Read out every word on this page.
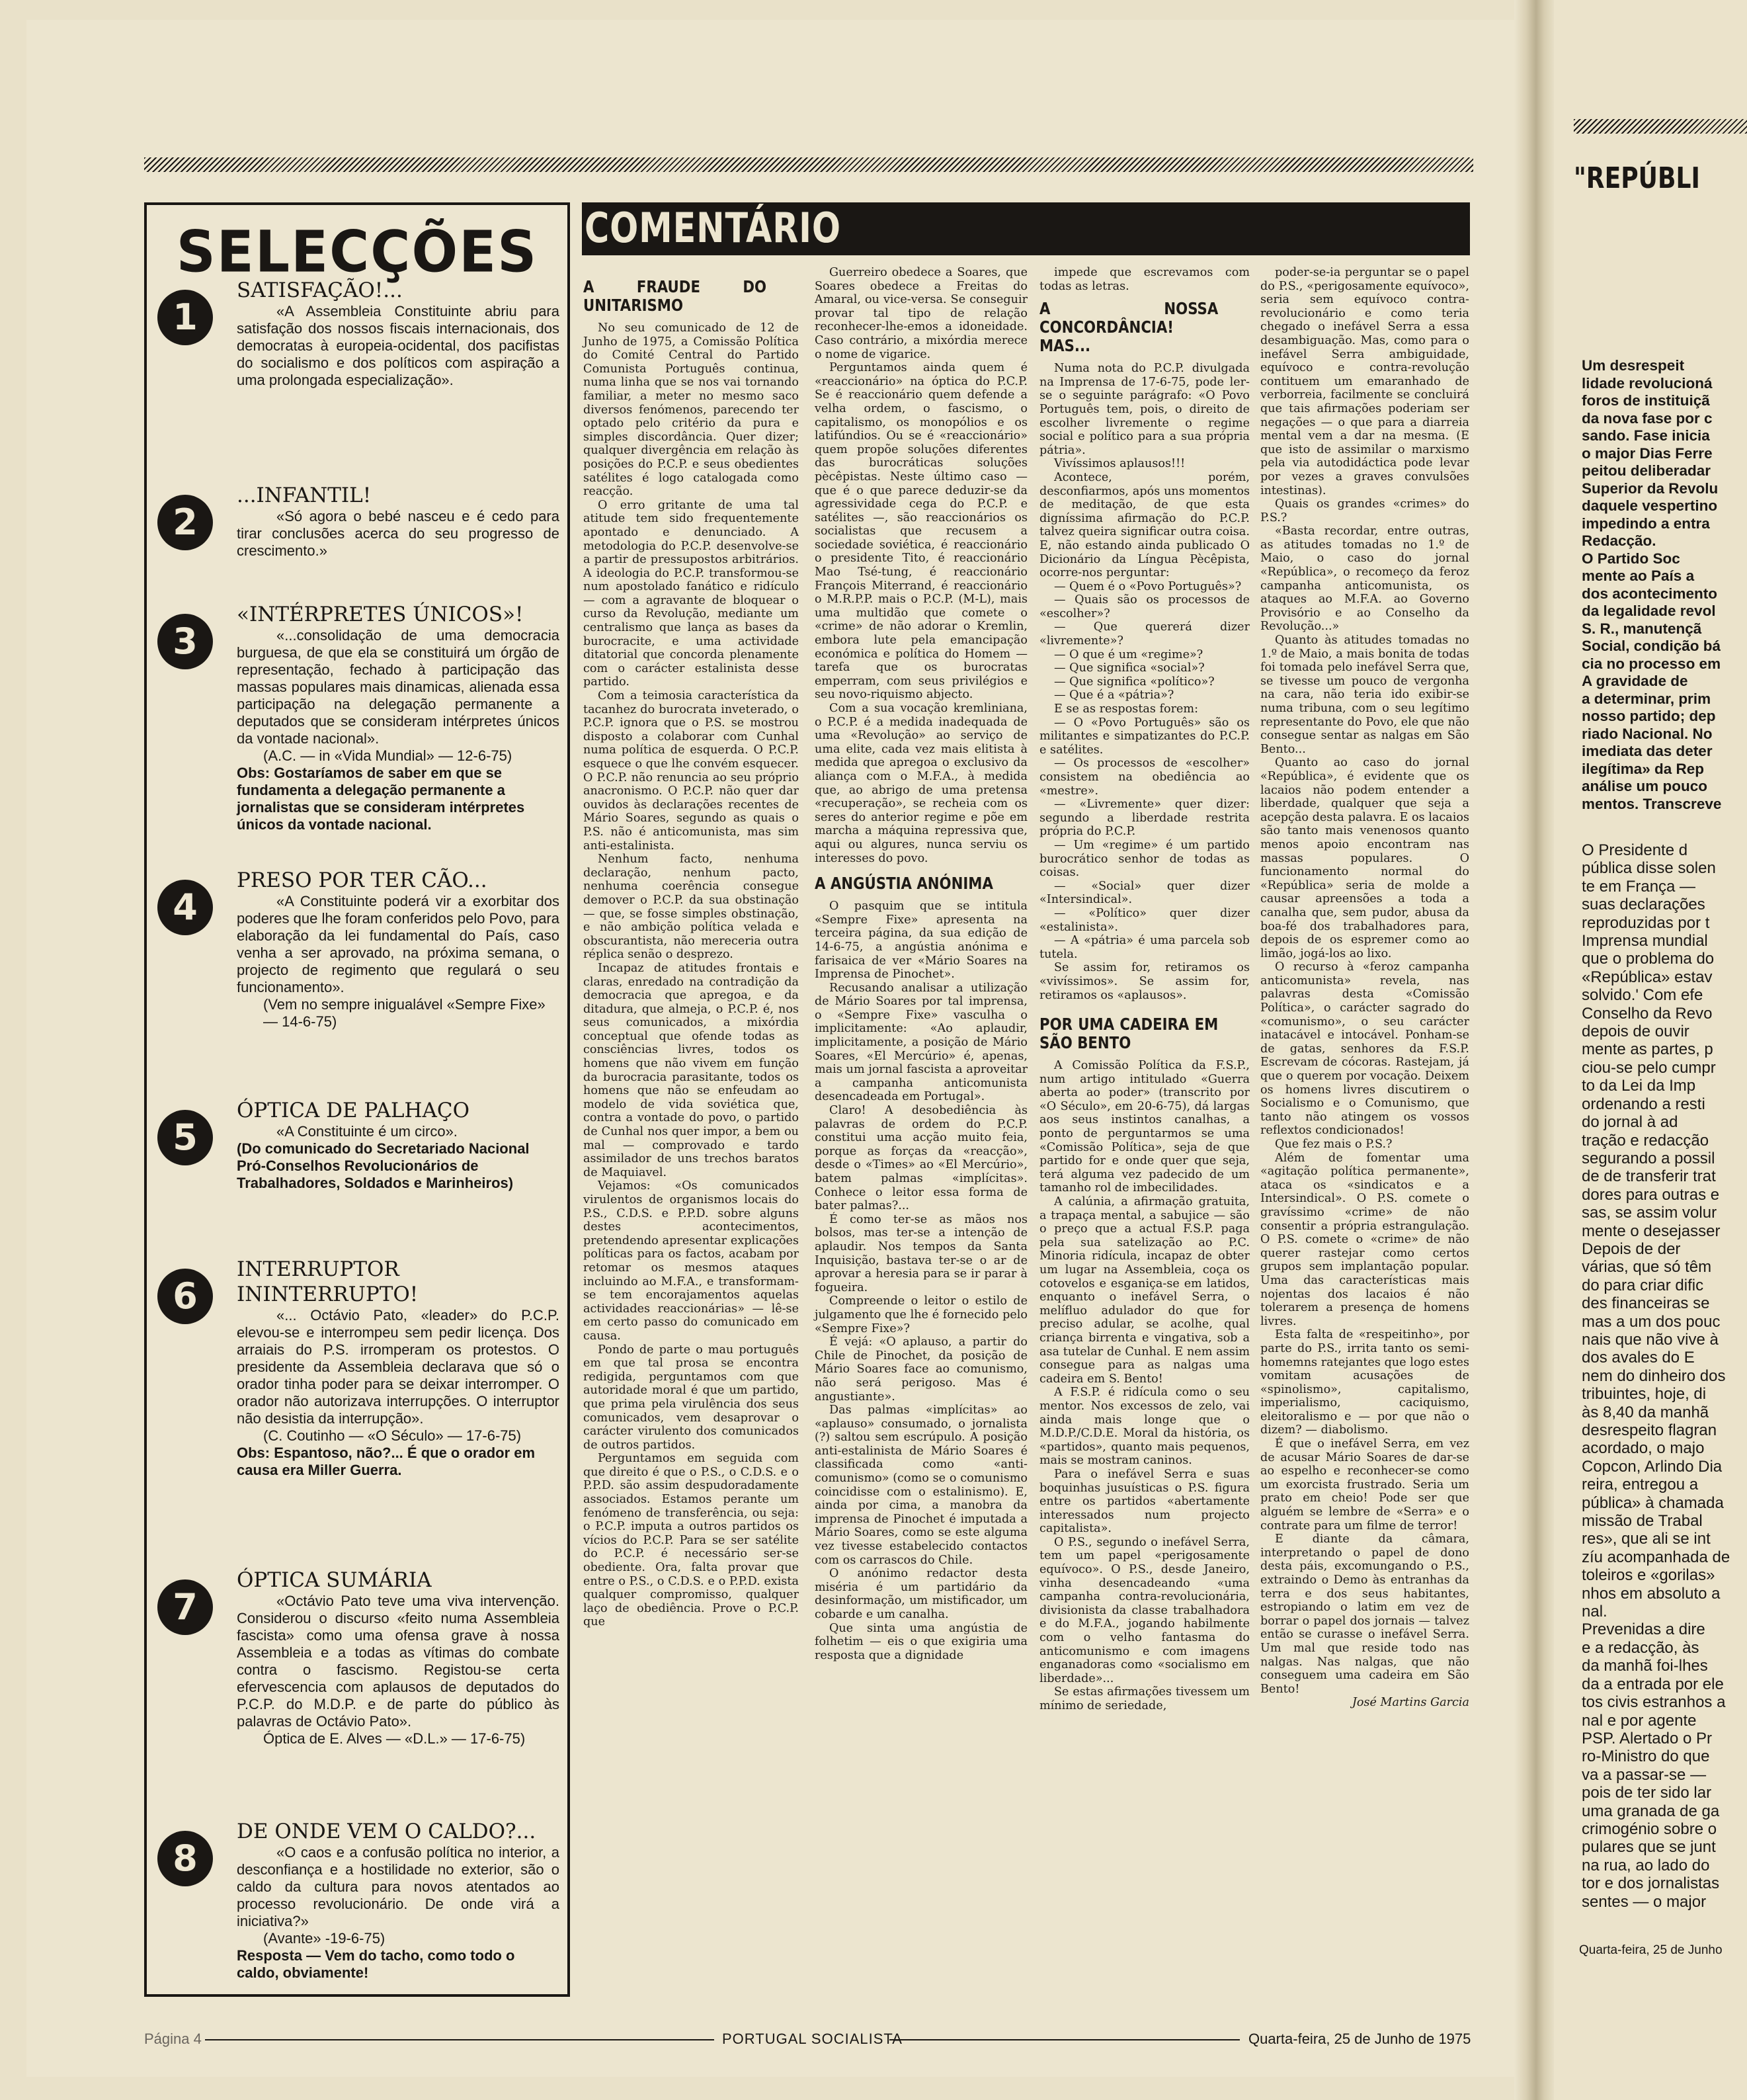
SELECÇÕES
1
SATISFAÇÃO!...
«A Assembleia Constituinte abriu para satisfação dos nossos fiscais internacionais, dos democratas à europeia-ocidental, dos pacifistas do socialismo e dos políticos com aspiração a uma prolongada especialização».
2
...INFANTIL!
«Só agora o bebé nasceu e é cedo para tirar conclusões acerca do seu progresso de crescimento.»
3
«INTÉRPRETES ÚNICOS»!
«...consolidação de uma democracia burguesa, de que ela se constituirá um órgão de representação, fechado à participação das massas populares mais dinamicas, alienada essa participação na delegação permanente a deputados que se consideram intérpretes únicos da vontade nacional».
(A.C. — in «Vida Mundial» — 12-6-75)
Obs: Gostaríamos de saber em que se fundamenta a delegação permanente a jornalistas que se consideram intérpretes únicos da vontade nacional.
4
PRESO POR TER CÃO...
«A Constituinte poderá vir a exorbitar dos poderes que lhe foram conferidos pelo Povo, para elaboração da lei fundamental do País, caso venha a ser aprovado, na próxima semana, o projecto de regimento que regulará o seu funcionamento».
(Vem no sempre inigualável «Sempre Fixe» — 14-6-75)
5
ÓPTICA DE PALHAÇO
«A Constituinte é um circo».
(Do comunicado do Secretariado Nacional Pró-Conselhos Revolucionários de Trabalhadores, Soldados e Marinheiros)
6
INTERRUPTOR ININTERRUPTO!
«... Octávio Pato, «leader» do P.C.P. elevou-se e interrompeu sem pedir licença. Dos arraiais do P.S. irromperam os protestos. O presidente da Assembleia declarava que só o orador tinha poder para se deixar interromper. O orador não autorizava interrupções. O interruptor não desistia da interrupção».
(C. Coutinho — «O Século» — 17-6-75)
Obs: Espantoso, não?... É que o orador em causa era Miller Guerra.
7
ÓPTICA SUMÁRIA
«Octávio Pato teve uma viva intervenção. Considerou o discurso «feito numa Assembleia fascista» como uma ofensa grave à nossa Assembleia e a todas as vítimas do combate contra o fascismo. Registou-se certa efervescencia com aplausos de deputados do P.C.P. do M.D.P. e de parte do público às palavras de Octávio Pato».
Óptica de E. Alves — «D.L.» — 17-6-75)
8
DE ONDE VEM O CALDO?...
«O caos e a confusão política no interior, a desconfiança e a hostilidade no exterior, são o caldo da cultura para novos atentados ao processo revolucionário. De onde virá a iniciativa?»
(Avante» -19-6-75)
Resposta — Vem do tacho, como todo o caldo, obviamente!
COMENTÁRIO
A FRAUDE DO UNITARISMO

No seu comunicado de 12 de Junho de 1975, a Comissão Política do Comité Central do Partido Comunista Português continua, numa linha que se nos vai tornando familiar, a meter no mesmo saco diversos fenómenos, parecendo ter optado pelo critério da pura e simples discordância. Quer dizer; qualquer divergência em relação às posições do P.C.P. e seus obedientes satélites é logo catalogada como reacção.

O erro gritante de uma tal atitude tem sido frequentemente apontado e denunciado. A metodologia do P.C.P. desenvolve-se a partir de pressupostos arbitrários. A ideologia do P.C.P. transformou-se num apostolado fanático e ridículo — com a agravante de bloquear o curso da Revolução, mediante um centralismo que lança as bases da burocracite, e uma actividade ditatorial que concorda plenamente com o carácter estalinista desse partido.

Com a teimosia característica da tacanhez do burocrata inveterado, o P.C.P. ignora que o P.S. se mostrou disposto a colaborar com Cunhal numa política de esquerda. O P.C.P. esquece o que lhe convém esquecer. O P.C.P. não renuncia ao seu próprio anacronismo. O P.C.P. não quer dar ouvidos às declarações recentes de Mário Soares, segundo as quais o P.S. não é anticomunista, mas sim anti-estalinista.

Nenhum facto, nenhuma declaração, nenhum pacto, nenhuma coerência consegue demover o P.C.P. da sua obstinação — que, se fosse simples obstinação, e não ambição política velada e obscurantista, não mereceria outra réplica senão o desprezo.

Incapaz de atitudes frontais e claras, enredado na contradição da democracia que apregoa, e da ditadura, que almeja, o P.C.P. é, nos seus comunicados, a mixórdia conceptual que ofende todas as consciências livres, todos os homens que não vivem em função da burocracia parasitante, todos os homens que não se enfeudam ao modelo de vida soviética que, contra a vontade do povo, o partido de Cunhal nos quer impor, a bem ou mal — comprovado e tardo assimilador de uns trechos baratos de Maquiavel.

Vejamos: «Os comunicados virulentos de organismos locais do P.S., C.D.S. e P.P.D. sobre alguns destes acontecimentos, pretendendo apresentar explicações políticas para os factos, acabam por retomar os mesmos ataques incluindo ao M.F.A., e transformam-se tem encorajamentos aquelas actividades reaccionárias» — lê-se em certo passo do comunicado em causa.

Pondo de parte o mau português em que tal prosa se encontra redigida, perguntamos com que autoridade moral é que um partido, que prima pela virulência dos seus comunicados, vem desaprovar o carácter virulento dos comunicados de outros partidos.

Perguntamos em seguida com que direito é que o P.S., o C.D.S. e o P.P.D. são assim despudoradamente associados. Estamos perante um fenómeno de transferência, ou seja: o P.C.P. imputa a outros partidos os vícios do P.C.P. Para se ser satélite do P.C.P. é necessário ser-se obediente. Ora, falta provar que entre o P.S., o C.D.S. e o P.P.D. exista qualquer compromisso, qualquer laço de obediência. Prove o P.C.P. que

Guerreiro obedece a Soares, que Soares obedece a Freitas do Amaral, ou vice-versa. Se conseguir provar tal tipo de relação reconhecer-lhe-emos a idoneidade. Caso contrário, a mixórdia merece o nome de vigarice.

Perguntamos ainda quem é «reaccionário» na óptica do P.C.P. Se é reaccionário quem defende a velha ordem, o fascismo, o capitalismo, os monopólios e os latifúndios. Ou se é «reaccionário» quem propõe soluções diferentes das burocráticas soluções pècêpistas. Neste último caso — que é o que parece deduzir-se da agressividade cega do P.C.P. e satélites —, são reaccionários os socialistas que recusem a sociedade soviética, é reaccionário o presidente Tito, é reaccionário Mao Tsé-tung, é reaccionário François Miterrand, é reaccionário o M.R.P.P. mais o P.C.P. (M-L), mais uma multidão que comete o «crime» de não adorar o Kremlin, embora lute pela emancipação económica e política do Homem — tarefa que os burocratas emperram, com seus privilégios e seu novo-riquismo abjecto.

Com a sua vocação kremliniana, o P.C.P. é a medida inadequada de uma «Revolução» ao serviço de uma elite, cada vez mais elitista à medida que apregoa o exclusivo da aliança com o M.F.A., à medida que, ao abrigo de uma pretensa «recuperação», se recheia com os seres do anterior regime e põe em marcha a máquina repressiva que, aqui ou algures, nunca serviu os interesses do povo.

A ANGÚSTIA ANÓNIMA

O pasquim que se intitula «Sempre Fixe» apresenta na terceira página, da sua edição de 14-6-75, a angústia anónima e farisaica de ver «Mário Soares na Imprensa de Pinochet».

Recusando analisar a utilização de Mário Soares por tal imprensa, o «Sempre Fixe» vasculha o implicitamente: «Ao aplaudir, implicitamente, a posição de Mário Soares, «El Mercúrio» é, apenas, mais um jornal fascista a aproveitar a campanha anticomunista desencadeada em Portugal».

Claro! A desobediência às palavras de ordem do P.C.P. constitui uma acção muito feia, porque as forças da «reacção», desde o «Times» ao «El Mercúrio», batem palmas «implícitas». Conhece o leitor essa forma de bater palmas?...

É como ter-se as mãos nos bolsos, mas ter-se a intenção de aplaudir. Nos tempos da Santa Inquisição, bastava ter-se o ar de aprovar a heresia para se ir parar à fogueira.

Compreende o leitor o estilo de julgamento que lhe é fornecido pelo «Sempre Fixe»?

É vejá: «O aplauso, a partir do Chile de Pinochet, da posição de Mário Soares face ao comunismo, não será perigoso. Mas é angustiante».

Das palmas «implícitas» ao «aplauso» consumado, o jornalista (?) saltou sem escrúpulo. A posição anti-estalinista de Mário Soares é classificada como «anti-comunismo» (como se o comunismo coincidisse com o estalinismo). E, ainda por cima, a manobra da imprensa de Pinochet é imputada a Mário Soares, como se este alguma vez tivesse estabelecido contactos com os carrascos do Chile.

O anónimo redactor desta miséria é um partidário da desinformação, um mistificador, um cobarde e um canalha.

Que sinta uma angústia de folhetim — eis o que exigiria uma resposta que a dignidade

impede que escrevamos com todas as letras.

A NOSSA CONCORDÂNCIA! MAS...

Numa nota do P.C.P. divulgada na Imprensa de 17-6-75, pode ler-se o seguinte parágrafo: «O Povo Português tem, pois, o direito de escolher livremente o regime social e político para a sua própria pátria».

Vivíssimos aplausos!!!

Acontece, porém, desconfiarmos, após uns momentos de meditação, de que esta digníssima afirmação do P.C.P. talvez queira significar outra coisa. E, não estando ainda publicado O Dicionário da Língua Pècêpista, ocorre-nos perguntar:

— Quem é o «Povo Português»?

— Quais são os processos de «escolher»?

— Que quererá dizer «livremente»?

— O que é um «regime»?

— Que significa «social»?

— Que significa «político»?

— Que é a «pátria»?

E se as respostas forem:

— O «Povo Português» são os militantes e simpatizantes do P.C.P. e satélites.

— Os processos de «escolher» consistem na obediência ao «mestre».

— «Livremente» quer dizer: segundo a liberdade restrita própria do P.C.P.

— Um «regime» é um partido burocrático senhor de todas as coisas.

— «Social» quer dizer «Intersindical».

— «Político» quer dizer «estalinista».

— A «pátria» é uma parcela sob tutela.

Se assim for, retiramos os «vivíssimos». Se assim for, retiramos os «aplausos».

POR UMA CADEIRA EM SÃO BENTO

A Comissão Política da F.S.P., num artigo intitulado «Guerra aberta ao poder» (transcrito por «O Século», em 20-6-75), dá largas aos seus instintos canalhas, a ponto de perguntarmos se uma «Comissão Política», seja de que partido for e onde quer que seja, terá alguma vez padecido de um tamanho rol de imbecilidades.

A calúnia, a afirmação gratuita, a trapaça mental, a sabujice — são o preço que a actual F.S.P. paga pela sua satelização ao P.C. Minoria ridícula, incapaz de obter um lugar na Assembleia, coça os cotovelos e esganiça-se em latidos, enquanto o inefável Serra, o melífluo adulador do que for preciso adular, se acolhe, qual criança birrenta e vingativa, sob a asa tutelar de Cunhal. E nem assim consegue para as nalgas uma cadeira em S. Bento!

A F.S.P. é ridícula como o seu mentor. Nos excessos de zelo, vai ainda mais longe que o M.D.P./C.D.E. Moral da história, os «partidos», quanto mais pequenos, mais se mostram caninos.

Para o inefável Serra e suas boquinhas jusuísticas o P.S. figura entre os partidos «abertamente interessados num projecto capitalista».

O P.S., segundo o inefável Serra, tem um papel «perigosamente equívoco». O P.S., desde Janeiro, vinha desencadeando «uma campanha contra-revolucionária, divisionista da classe trabalhadora e do M.F.A., jogando habilmente com o velho fantasma do anticomunismo e com imagens enganadoras como «socialismo em liberdade»...

Se estas afirmações tivessem um mínimo de seriedade,

poder-se-ia perguntar se o papel do P.S., «perigosamente equívoco», seria sem equívoco contra-revolucionário e como teria chegado o inefável Serra a essa desambiguação. Mas, como para o inefável Serra ambiguidade, equívoco e contra-revolução contituem um emaranhado de verborreia, facilmente se concluirá que tais afirmações poderiam ser negações — o que para a diarreia mental vem a dar na mesma. (E que isto de assimilar o marxismo pela via autodidáctica pode levar por vezes a graves convulsões intestinas).

Quais os grandes «crimes» do P.S.?

«Basta recordar, entre outras, as atitudes tomadas no 1.º de Maio, o caso do jornal «República», o recomeço da feroz campanha anticomunista, os ataques ao M.F.A. ao Governo Provisório e ao Conselho da Revolução...»

Quanto às atitudes tomadas no 1.º de Maio, a mais bonita de todas foi tomada pelo inefável Serra que, se tivesse um pouco de vergonha na cara, não teria ido exibir-se numa tribuna, com o seu legítimo representante do Povo, ele que não consegue sentar as nalgas em São Bento...

Quanto ao caso do jornal «República», é evidente que os lacaios não podem entender a liberdade, qualquer que seja a acepção desta palavra. E os lacaios são tanto mais venenosos quanto menos apoio encontram nas massas populares. O funcionamento normal do «República» seria de molde a causar apreensões a toda a canalha que, sem pudor, abusa da boa-fé dos trabalhadores para, depois de os espremer como ao limão, jogá-los ao lixo.

O recurso à «feroz campanha anticomunista» revela, nas palavras desta «Comissão Política», o carácter sagrado do «comunismo», o seu carácter inatacável e intocável. Ponham-se de gatas, senhores da F.S.P. Escrevam de cócoras. Rastejam, já que o querem por vocação. Deixem os homens livres discutirem o Socialismo e o Comunismo, que tanto não atingem os vossos reflextos condicionados!

Que fez mais o P.S.?

Além de fomentar uma «agitação política permanente», ataca os «sindicatos e a Intersindical». O P.S. comete o gravíssimo «crime» de não consentir a própria estrangulação. O P.S. comete o «crime» de não querer rastejar como certos grupos sem implantação popular. Uma das características mais nojentas dos lacaios é não tolerarem a presença de homens livres.

Esta falta de «respeitinho», por parte do P.S., irrita tanto os semi-homemns ratejantes que logo estes vomitam acusações de «spinolismo», capitalismo, imperialismo, caciquismo, eleitoralismo e — por que não o dizem? — diabolismo.

É que o inefável Serra, em vez de acusar Mário Soares de dar-se ao espelho e reconhecer-se como um exorcista frustrado. Seria um prato em cheio! Pode ser que alguém se lembre de «Serra» e o contrate para um filme de terror!

E diante da câmara, interpretando o papel de dono desta páis, excomungando o P.S., extraindo o Demo às entranhas da terra e dos seus habitantes, estropiando o latim em vez de borrar o papel dos jornais — talvez então se curasse o inefável Serra. Um mal que reside todo nas nalgas. Nas nalgas, que não conseguem uma cadeira em São Bento!

José Martins Garcia

Página 4	PORTUGAL SOCIALISTA	Quarta-feira, 25 de Junho de 1975
"REPÚBLI
Um desrespeit
lidade revolucioná
foros de instituiçã
da nova fase por c
sando. Fase inicia
o major Dias Ferre
peitou deliberadar
Superior da Revolu
daquele vespertino
impedindo a entra
Redacção.
O Partido Soc
mente ao País a
dos acontecimento
da legalidade revol
S. R., manutençã
Social, condição bá
cia no processo em
A gravidade de
a determinar, prim
nosso partido; dep
riado Nacional. No
imediata das deter
ilegítima» da Rep
análise um pouco
mentos. Transcreve
O Presidente d
pública disse solen
te em França —
suas declarações
reproduzidas por t
Imprensa mundial
que o problema do
«República» estav
solvido.' Com efe
Conselho da Revo
depois de ouvir
mente as partes, p
ciou-se pelo cumpr
to da Lei da Imp
ordenando a resti
do jornal à ad
tração e redacção
segurando a possil
de de transferir trat
dores para outras e
sas, se assim volur
mente o desejasser
Depois de der
várias, que só têm
do para criar dific
des financeiras se
mas a um dos pouc
nais que não vive à
dos avales do E
nem do dinheiro dos
tribuintes, hoje, di
às 8,40 da manhã
desrespeito flagran
acordado, o majo
Copcon, Arlindo Dia
reira, entregou a
pública» à chamada
missão de Trabal
res», que ali se int
zíu acompanhada de
toleiros e «gorilas»
nhos em absoluto a
nal.
Prevenidas a dire
e a redacção, às
da manhã foi-lhes
da a entrada por ele
tos civis estranhos a
nal e por agente
PSP. Alertado o Pr
ro-Ministro do que
va a passar-se —
pois de ter sido lar
uma granada de ga
crimogénio sobre o
pulares que se junt
na rua, ao lado do
tor e dos jornalistas
sentes — o major
Quarta-feira, 25 de Junho
